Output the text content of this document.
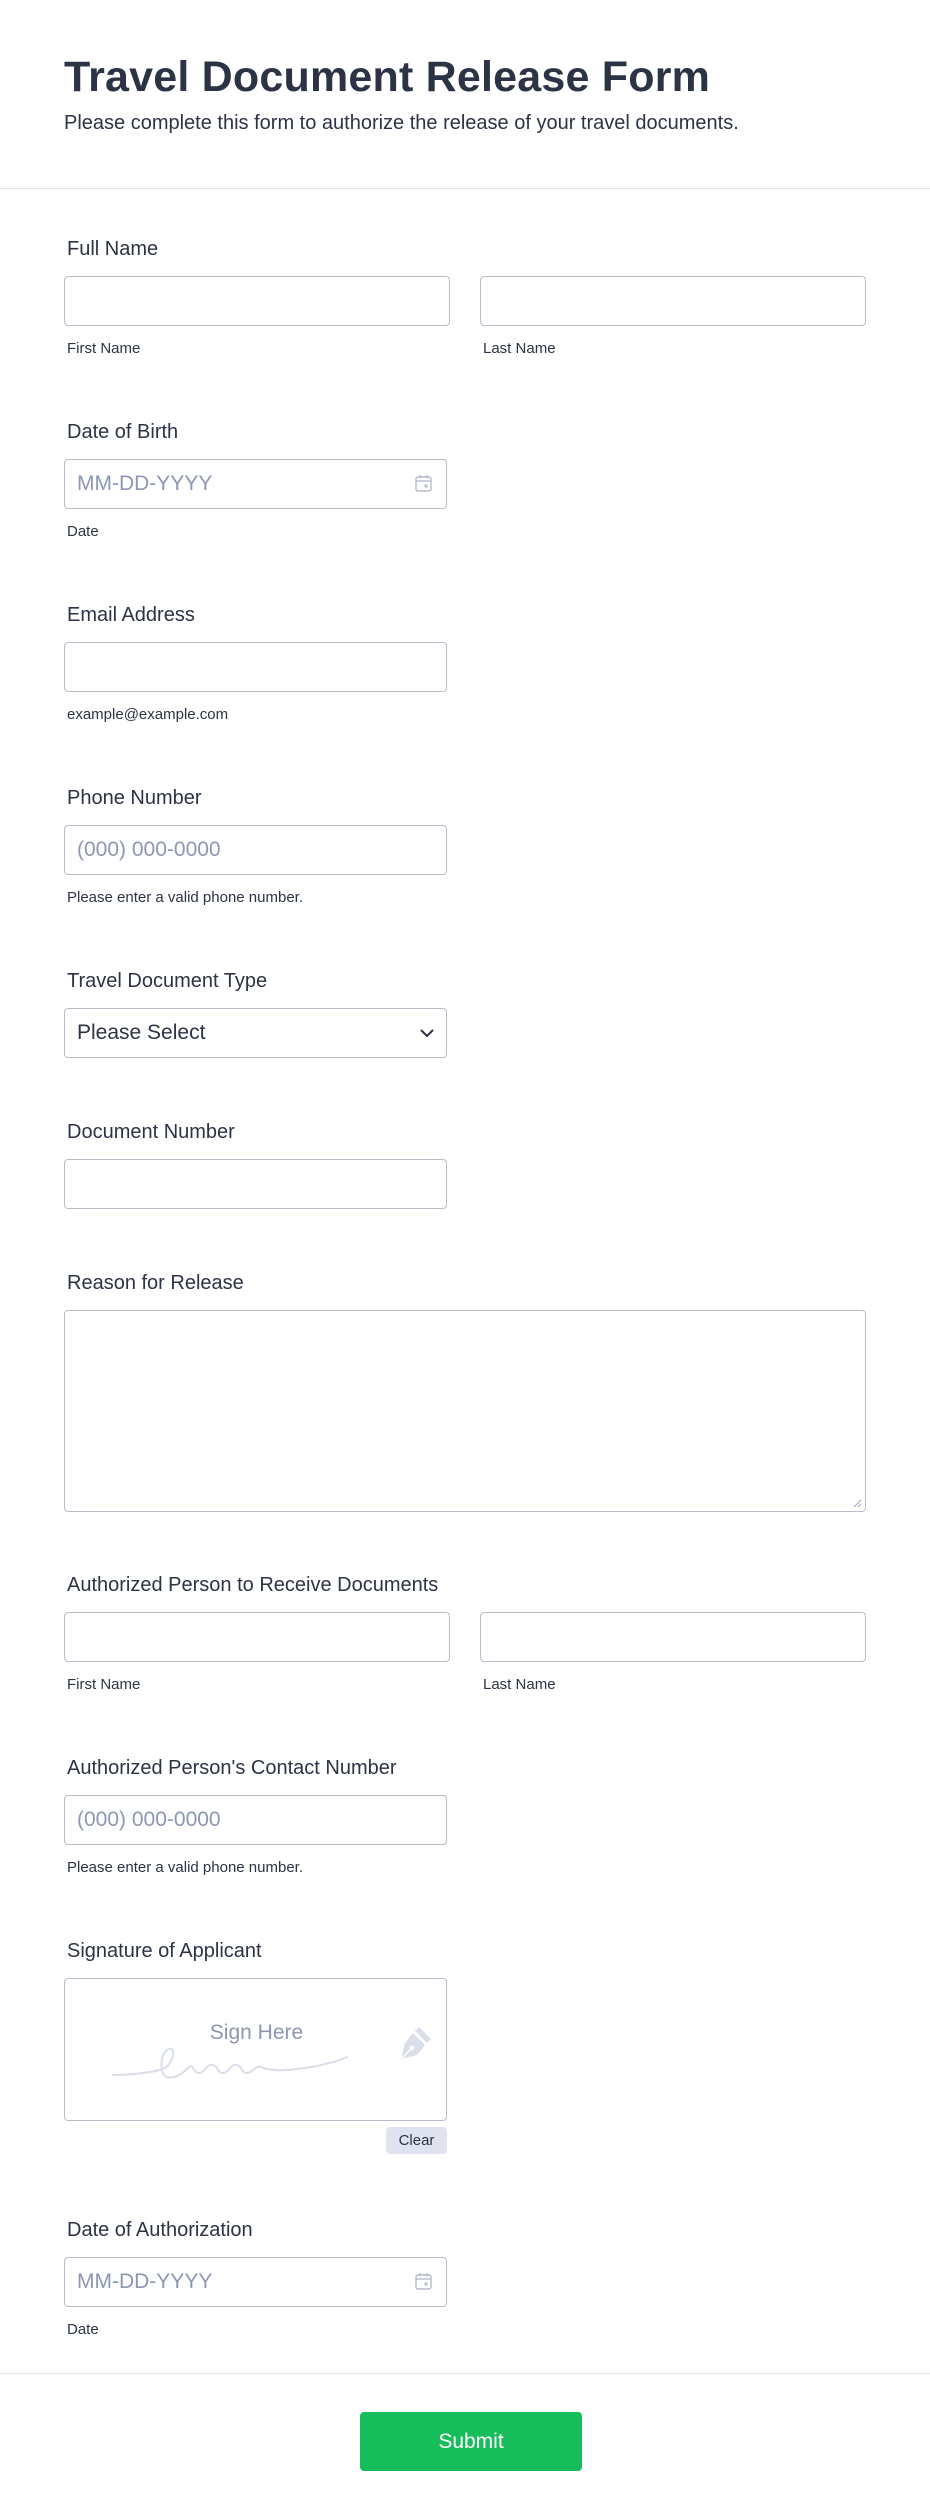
Travel Document Release Form
Please complete this form to authorize the release of your travel documents.
Full Name
First Name	Last Name
Date of Birth
MM-DD-YYYY
Date
Email Address
example@example.com
Phone Number
(000) 000-0000
Please enter a valid phone number.
Travel Document Type
Please Select
Document Number
Reason for Release
Authorized Person to Receive Documents
First Name	Last Name
Authorized Person's Contact Number
(000) 000-0000
Please enter a valid phone number.
Signature of Applicant
Sign Here
Clear
Date of Authorization
MM-DD-YYYY
Date
Submit
